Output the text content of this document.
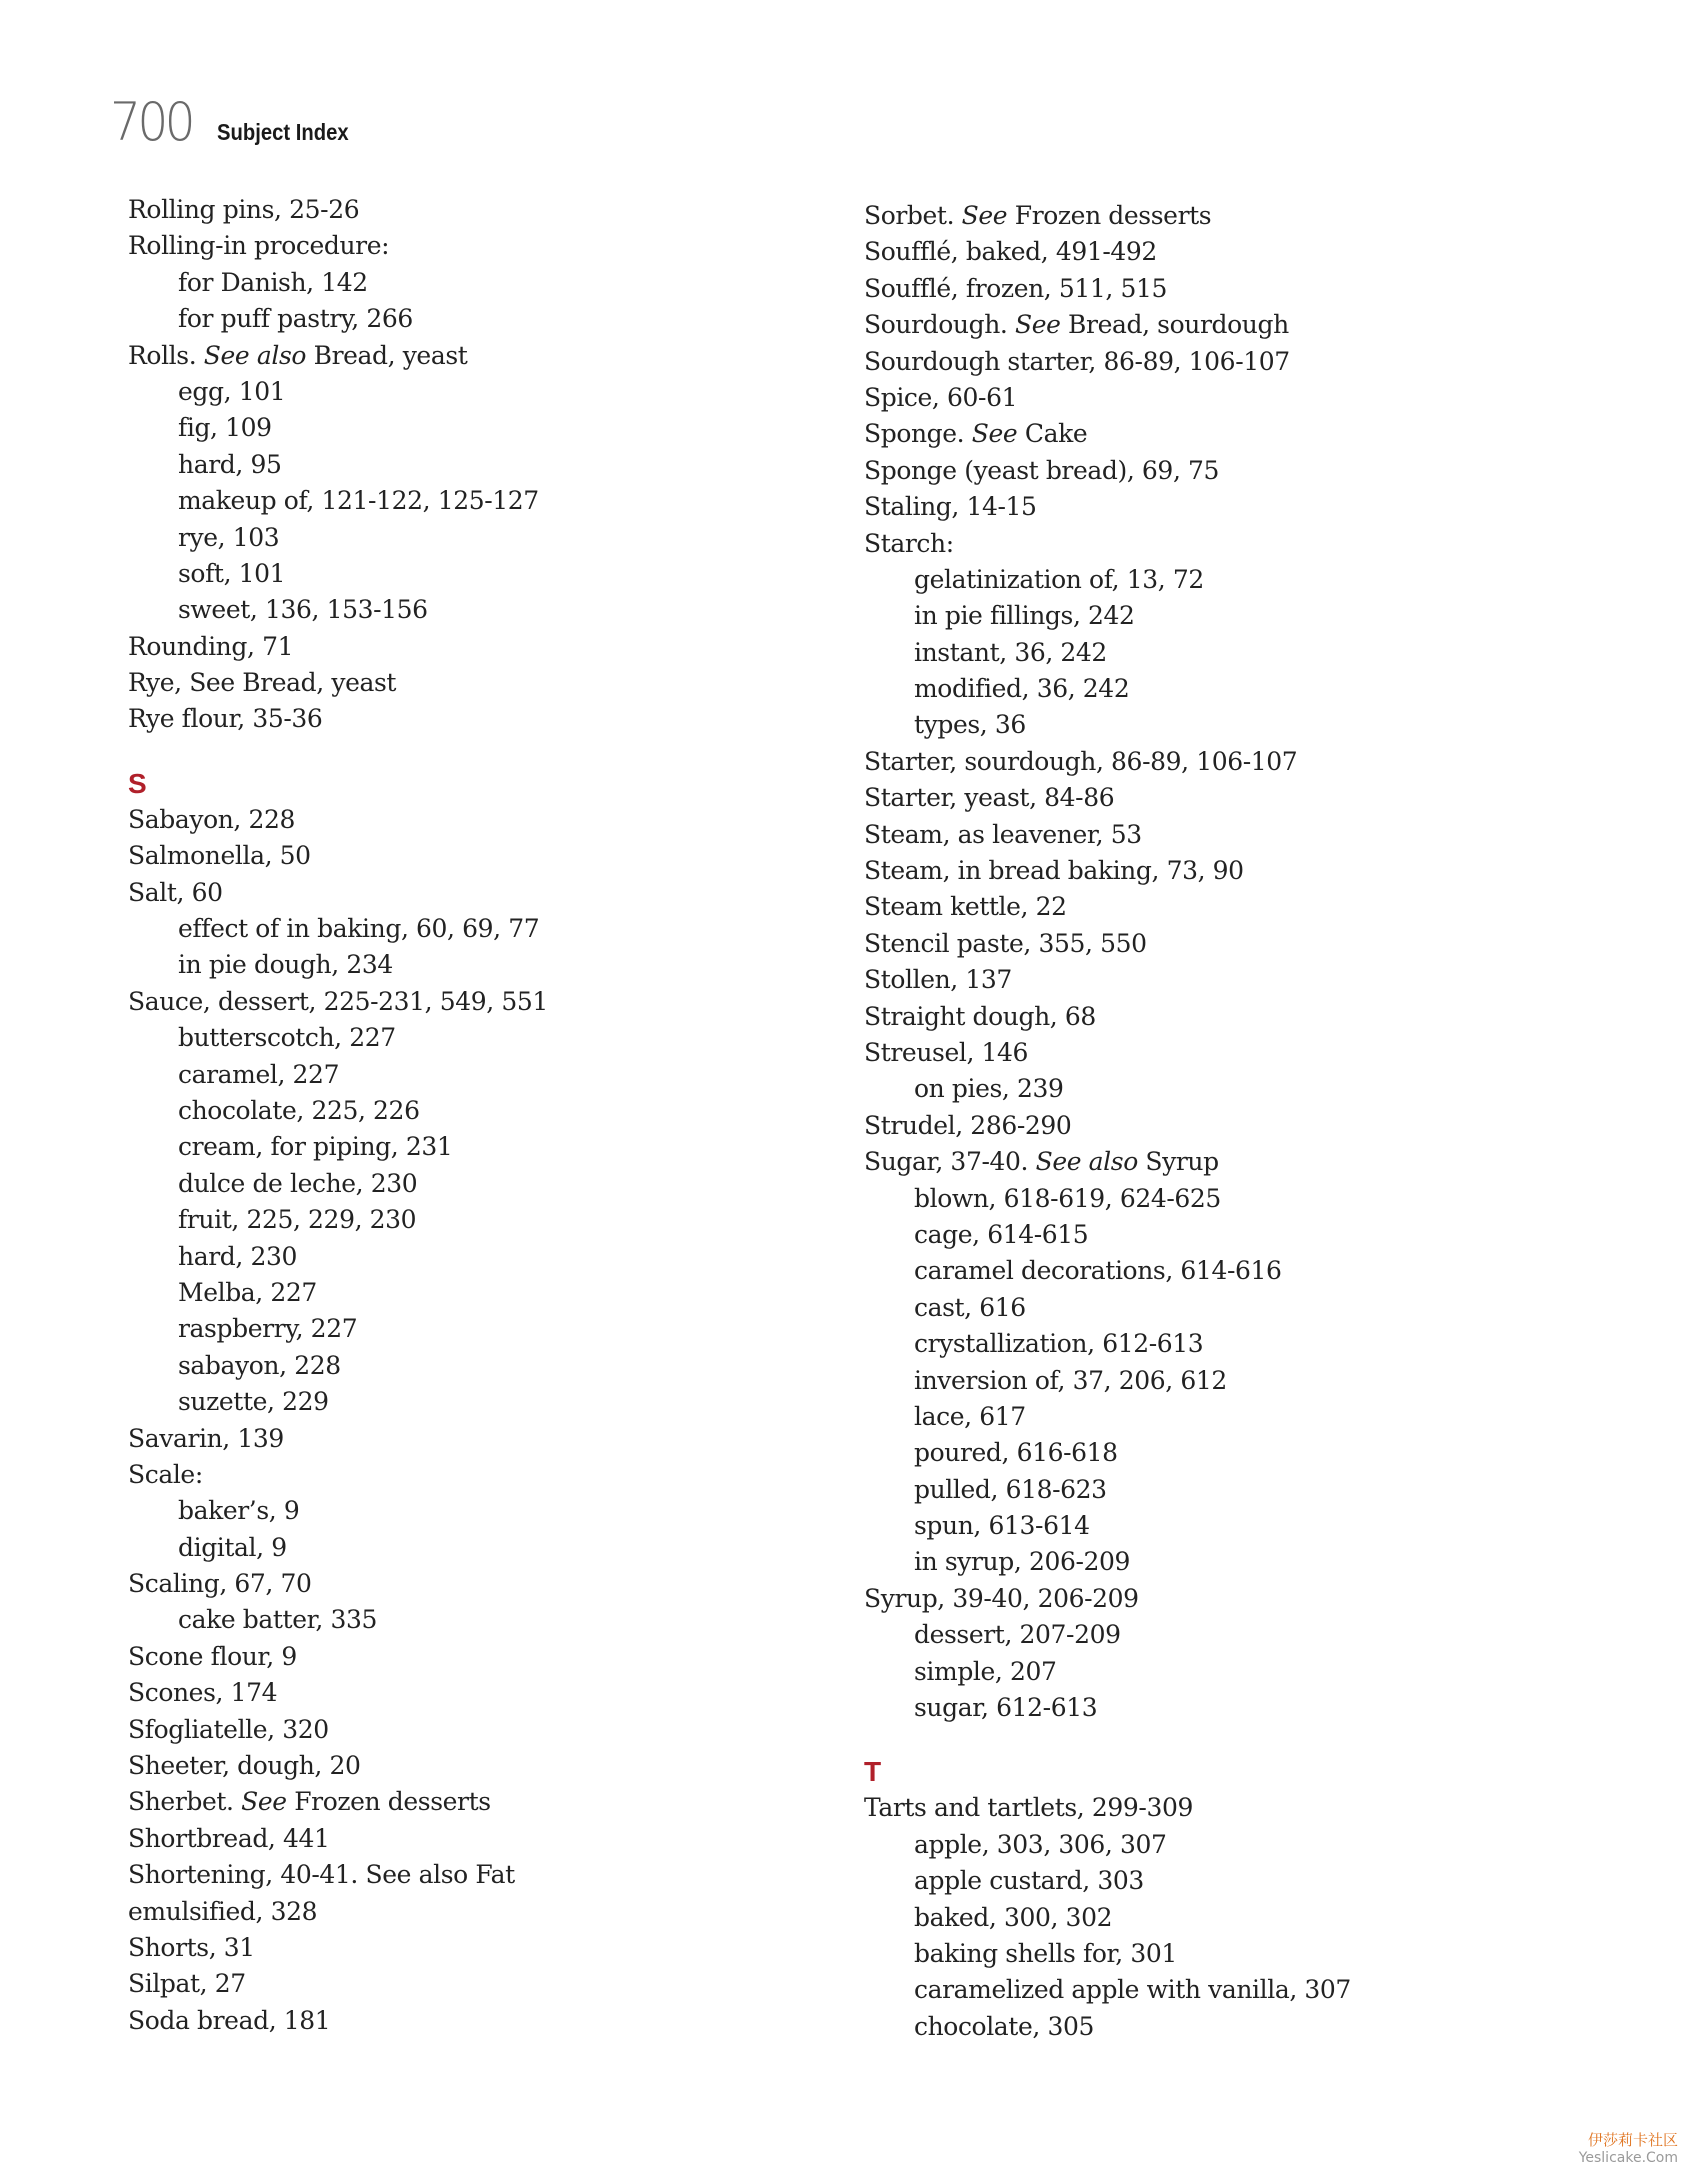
700 Subject Index
Rolling pins, 25-26
Rolling-in procedure:
for Danish, 142
for puff pastry, 266
Rolls. See also Bread, yeast
egg, 101
fig, 109
hard, 95
makeup of, 121-122, 125-127
rye, 103
soft, 101
sweet, 136, 153-156
Rounding, 71
Rye, See Bread, yeast
Rye flour, 35-36
S
Sabayon, 228
Salmonella, 50
Salt, 60
effect of in baking, 60, 69, 77
in pie dough, 234
Sauce, dessert, 225-231, 549, 551
butterscotch, 227
caramel, 227
chocolate, 225, 226
cream, for piping, 231
dulce de leche, 230
fruit, 225, 229, 230
hard, 230
Melba, 227
raspberry, 227
sabayon, 228
suzette, 229
Savarin, 139
Scale:
baker’s, 9
digital, 9
Scaling, 67, 70
cake batter, 335
Scone flour, 9
Scones, 174
Sfogliatelle, 320
Sheeter, dough, 20
Sherbet. See Frozen desserts
Shortbread, 441
Shortening, 40-41. See also Fat
emulsified, 328
Shorts, 31
Silpat, 27
Soda bread, 181
Sorbet. See Frozen desserts
Soufflé, baked, 491-492
Soufflé, frozen, 511, 515
Sourdough. See Bread, sourdough
Sourdough starter, 86-89, 106-107
Spice, 60-61
Sponge. See Cake
Sponge (yeast bread), 69, 75
Staling, 14-15
Starch:
gelatinization of, 13, 72
in pie fillings, 242
instant, 36, 242
modified, 36, 242
types, 36
Starter, sourdough, 86-89, 106-107
Starter, yeast, 84-86
Steam, as leavener, 53
Steam, in bread baking, 73, 90
Steam kettle, 22
Stencil paste, 355, 550
Stollen, 137
Straight dough, 68
Streusel, 146
on pies, 239
Strudel, 286-290
Sugar, 37-40. See also Syrup
blown, 618-619, 624-625
cage, 614-615
caramel decorations, 614-616
cast, 616
crystallization, 612-613
inversion of, 37, 206, 612
lace, 617
poured, 616-618
pulled, 618-623
spun, 613-614
in syrup, 206-209
Syrup, 39-40, 206-209
dessert, 207-209
simple, 207
sugar, 612-613
T
Tarts and tartlets, 299-309
apple, 303, 306, 307
apple custard, 303
baked, 300, 302
baking shells for, 301
caramelized apple with vanilla, 307
chocolate, 305
伊莎莉卡社区
Yeslicake.Com
